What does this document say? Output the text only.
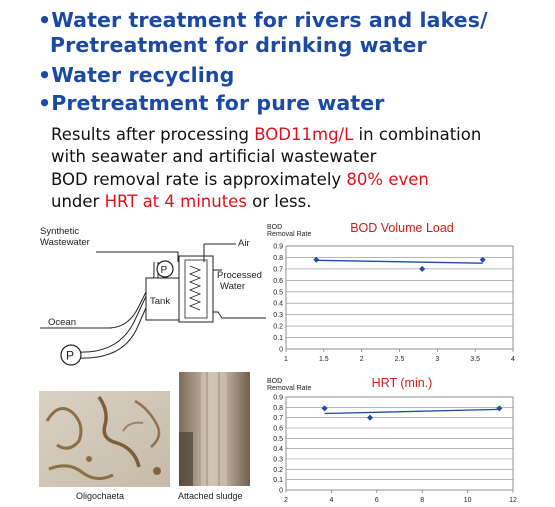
•Water treatment for rivers and lakes/
Pretreatment for drinking water
•Water recycling
•Pretreatment for pure water
Results after processing BOD11mg/L in combination
with seawater and artificial wastewater
BOD removal rate is approximately 80% even
under HRT at 4 minutes or less.
P
P
Tank
Air
Synthetic
Wastewater
Processed
Water
Ocean
Oligochaeta	Attached sludge
BOD
Removal Rate	BOD Volume Load
0
0.1
0.2
0.3
0.4
0.5
0.6
0.7
0.8
0.9
1	1.5	2	2.5	3	3.5	4
BOD
Removal Rate	HRT (min.)
0
0.1
0.2
0.3
0.4
0.5
0.6
0.7
0.8
0.9
2	4	6	8	10	12
